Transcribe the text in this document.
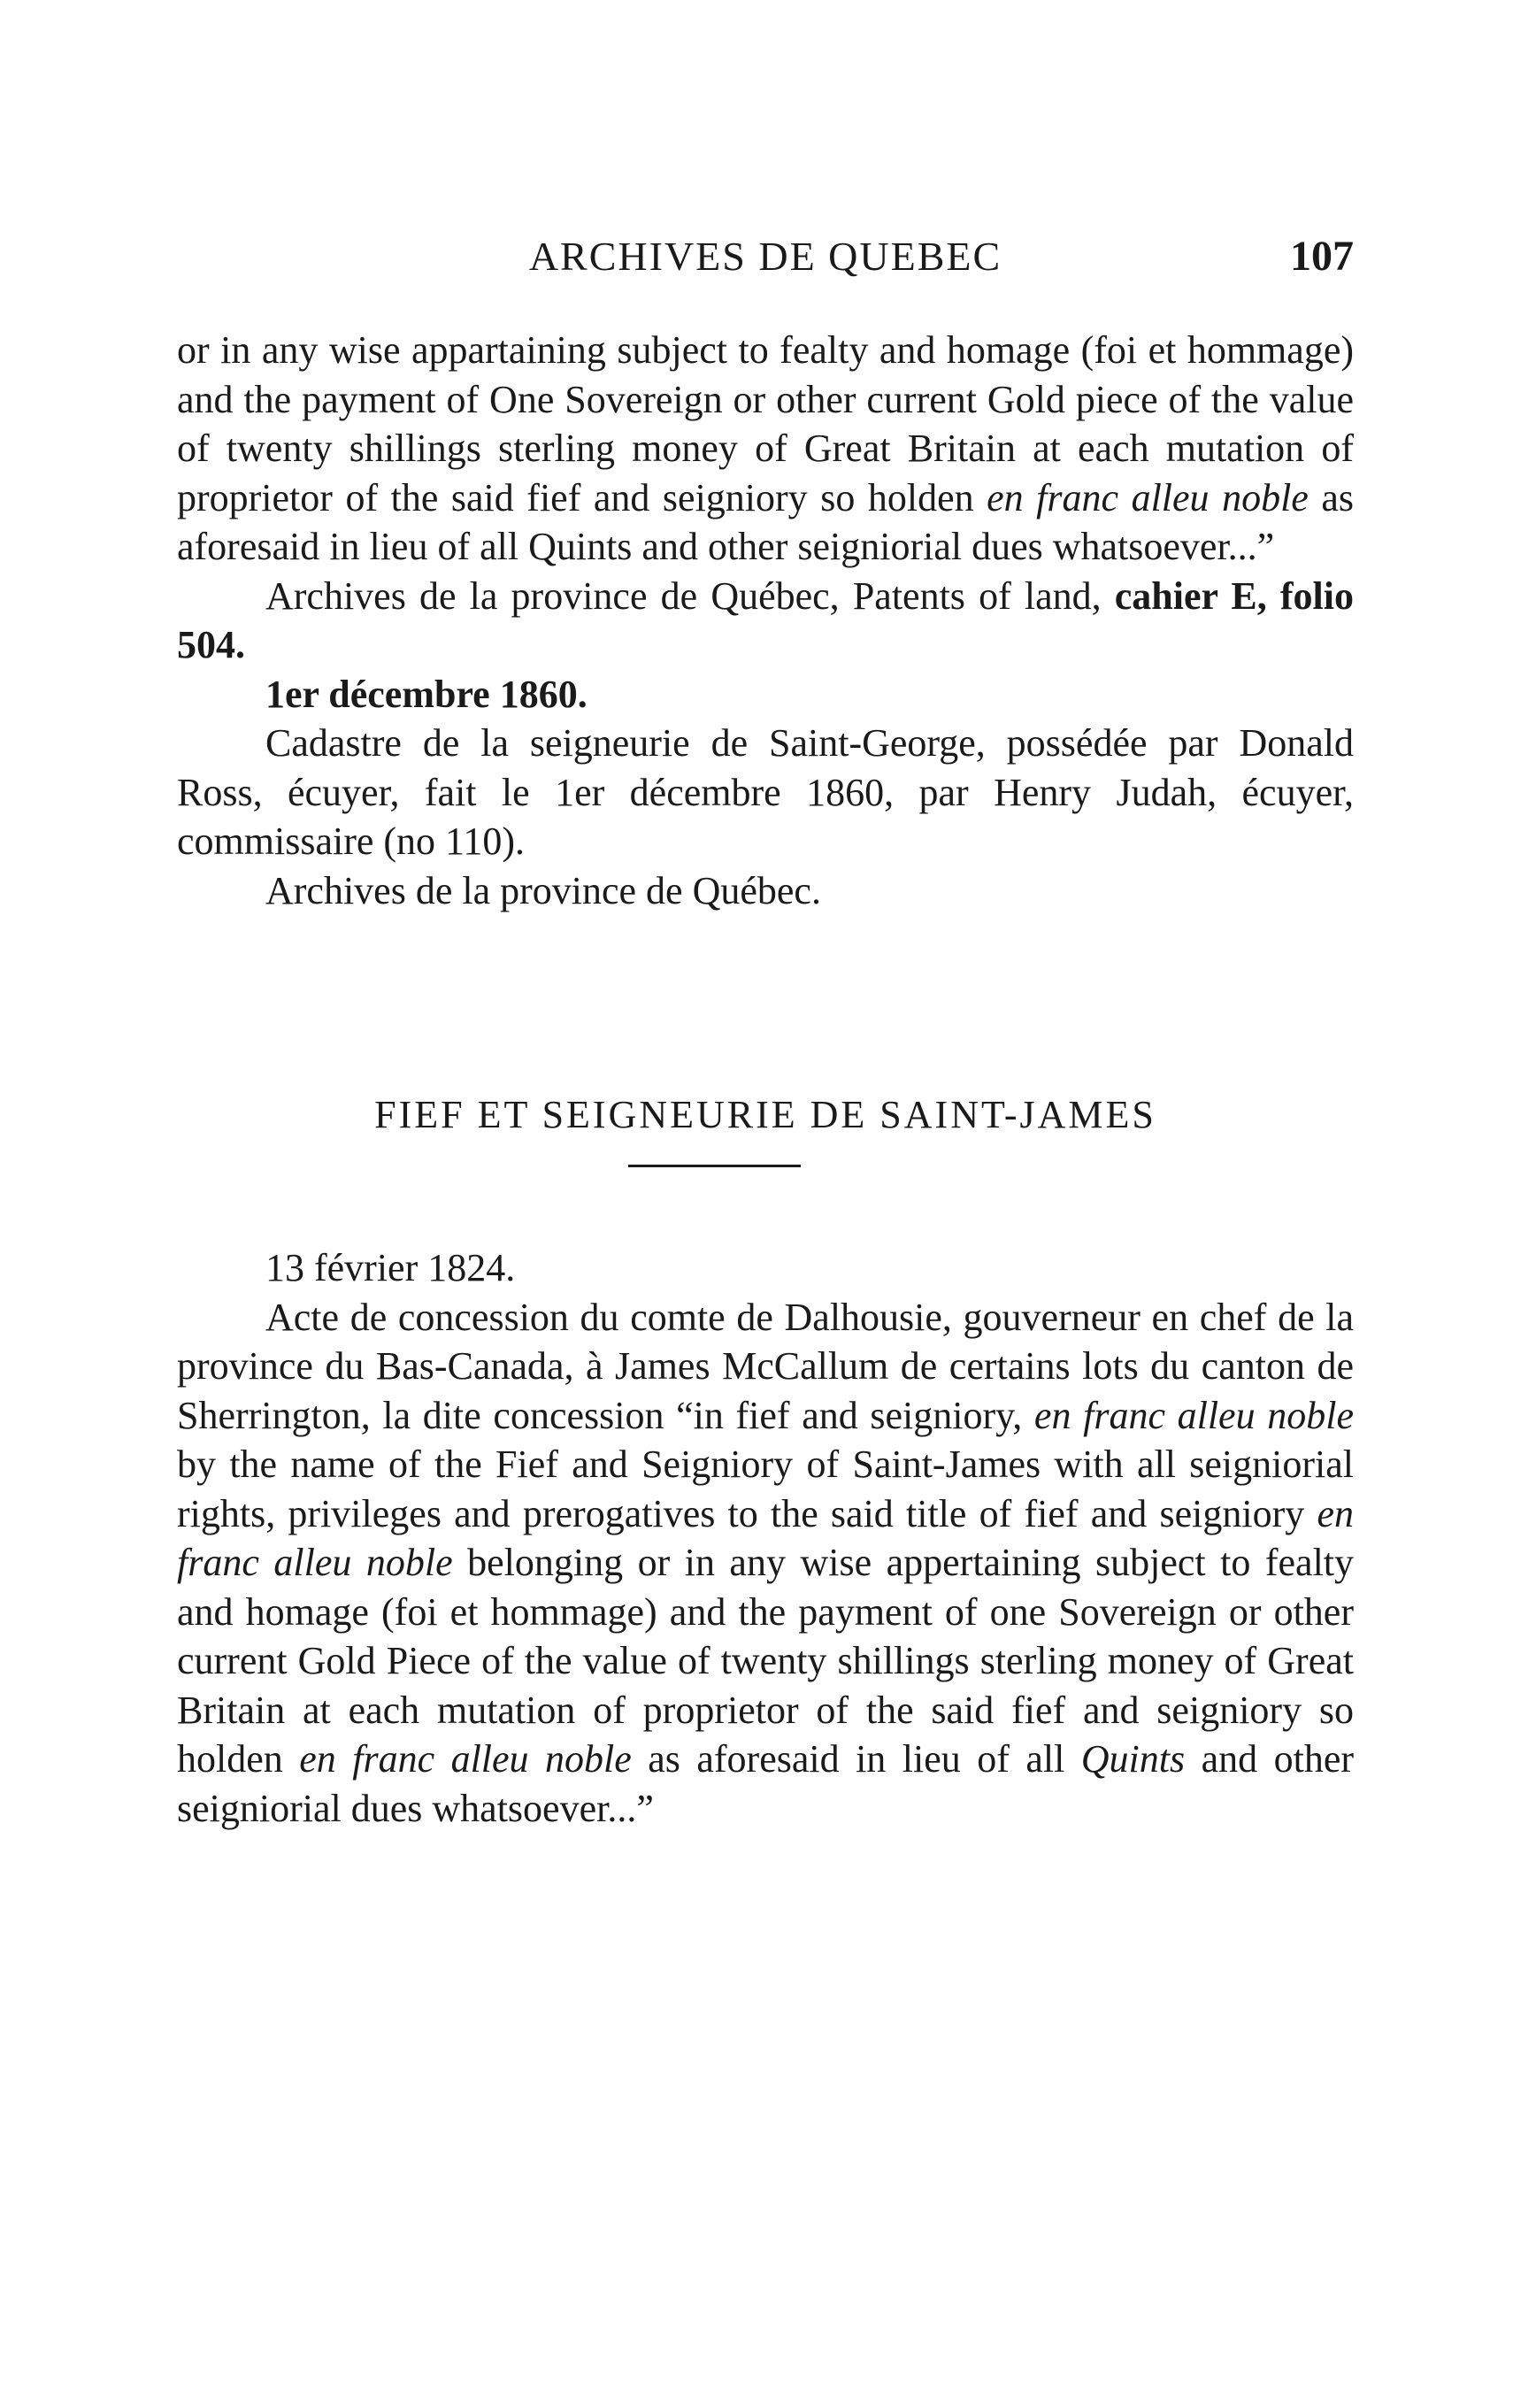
ARCHIVES DE QUEBEC	107

or in any wise appartaining subject to fealty and homage (foi et hommage) and the payment of One Sovereign or other current Gold piece of the value of twenty shillings sterling money of Great Britain at each mutation of proprietor of the said fief and seigniory so holden en franc alleu noble as aforesaid in lieu of all Quints and other seigniorial dues whatsoever...”

Archives de la province de Québec, Patents of land, cahier E, folio 504.

1er décembre 1860.

Cadastre de la seigneurie de Saint-George, possédée par Donald Ross, écuyer, fait le 1er décembre 1860, par Henry Judah, écuyer, commissaire (no 110).

Archives de la province de Québec.

FIEF ET SEIGNEURIE DE SAINT-JAMES

13 février 1824.

Acte de concession du comte de Dalhousie, gouverneur en chef de la province du Bas-Canada, à James McCallum de certains lots du canton de Sherrington, la dite concession “in fief and seigniory, en franc alleu noble by the name of the Fief and Seigniory of Saint-James with all seigniorial rights, privileges and prerogatives to the said title of fief and seigniory en franc alleu noble belonging or in any wise appertaining subject to fealty and homage (foi et hommage) and the payment of one Sovereign or other current Gold Piece of the value of twenty shillings sterling money of Great Britain at each mutation of proprietor of the said fief and seigniory so holden en franc alleu noble as aforesaid in lieu of all Quints and other seigniorial dues whatsoever...”
